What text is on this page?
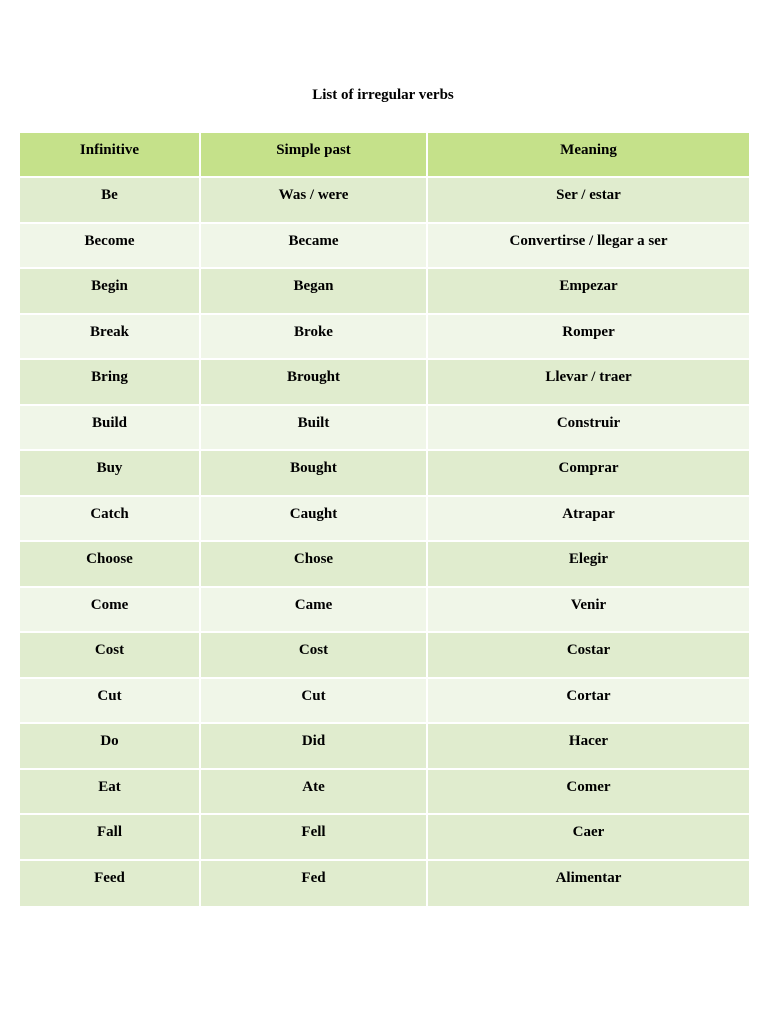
List of irregular verbs
Infinitive	Simple past	Meaning
Be	Was / were	Ser / estar
Become	Became	Convertirse / llegar a ser
Begin	Began	Empezar
Break	Broke	Romper
Bring	Brought	Llevar / traer
Build	Built	Construir
Buy	Bought	Comprar
Catch	Caught	Atrapar
Choose	Chose	Elegir
Come	Came	Venir
Cost	Cost	Costar
Cut	Cut	Cortar
Do	Did	Hacer
Eat	Ate	Comer
Fall	Fell	Caer
Feed	Fed	Alimentar
